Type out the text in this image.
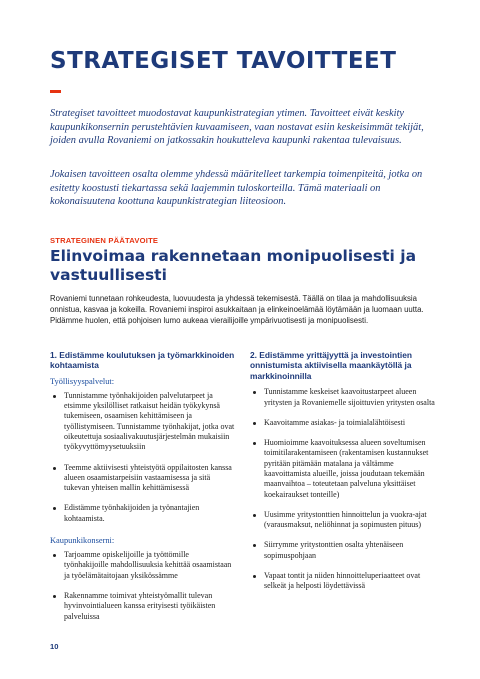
STRATEGISET TAVOITTEET

Strategiset tavoitteet muodostavat kaupunkistrategian ytimen. Tavoitteet eivät keskity kaupunkikonsernin perustehtävien kuvaamiseen, vaan nostavat esiin keskeisimmät tekijät, joiden avulla Rovaniemi on jatkossakin houkutteleva kaupunki rakentaa tulevaisuus.

Jokaisen tavoitteen osalta olemme yhdessä määritelleet tarkempia toimenpiteitä, jotka on esitetty koostusti tiekartassa sekä laajemmin tuloskorteilla. Tämä materiaali on kokonaisuutena koottuna kaupunkistrategian liiteosioon.

STRATEGINEN PÄÄTAVOITE
Elinvoimaa rakennetaan monipuolisesti ja vastuullisesti

Rovaniemi tunnetaan rohkeudesta, luovuudesta ja yhdessä tekemisestä. Täällä on tilaa ja mahdollisuuksia onnistua, kasvaa ja kokeilla. Rovaniemi inspiroi asukkaitaan ja elinkeinoelämää löytämään ja luomaan uutta. Pidämme huolen, että pohjoisen lumo aukeaa vierailijoille ympärivuotisesti ja monipuolisesti.

1. Edistämme koulutuksen ja työmarkkinoiden kohtaamista

Työllisyyspalvelut:

Tunnistamme työnhakijoiden palvelutarpeet ja etsimme yksilölliset ratkaisut heidän työkykynsä tukemiseen, osaamisen kehittämiseen ja työllistymiseen. Tunnistamme työnhakijat, jotka ovat oikeutettuja sosiaalivakuutusjärjestelmän mukaisiin työkyvyttömyysetuuksiin
Teemme aktiivisesti yhteistyötä oppilaitosten kanssa alueen osaamistarpeisiin vastaamisessa ja sitä tukevan yhteisen mallin kehittämisessä
Edistämme työnhakijoiden ja työnantajien kohtaamista.

Kaupunkikonserni:

Tarjoamme opiskelijoille ja työttömille työnhakijoille mahdollisuuksia kehittää osaamistaan ja työelämätaitojaan yksikössämme
Rakennamme toimivat yhteistyömallit tulevan hyvinvointialueen kanssa erityisesti työikäisten palveluissa
2. Edistämme yrittäjyyttä ja investointien onnistumista aktiivisella maankäytöllä ja markkinoinnilla
Tunnistamme keskeiset kaavoitustarpeet alueen yritysten ja Rovaniemelle sijoittuvien yritysten osalta
Kaavoitamme asiakas- ja toimialalähtöisesti
Huomioimme kaavoituksessa alueen soveltumisen toimitilarakentamiseen (rakentamisen kustannukset pyritään pitämään matalana ja vältämme kaavoittamista alueille, joissa joudutaan tekemään maanvaihtoa – toteutetaan palveluna yksittäiset koekairaukset tonteille)
Uusimme yritystonttien hinnoittelun ja vuokra-ajat (varausmaksut, neliöhinnat ja sopimusten pituus)
Siirrymme yritystonttien osalta yhtenäiseen sopimuspohjaan
Vapaat tontit ja niiden hinnoitteluperiaatteet ovat selkeät ja helposti löydettävissä
10
